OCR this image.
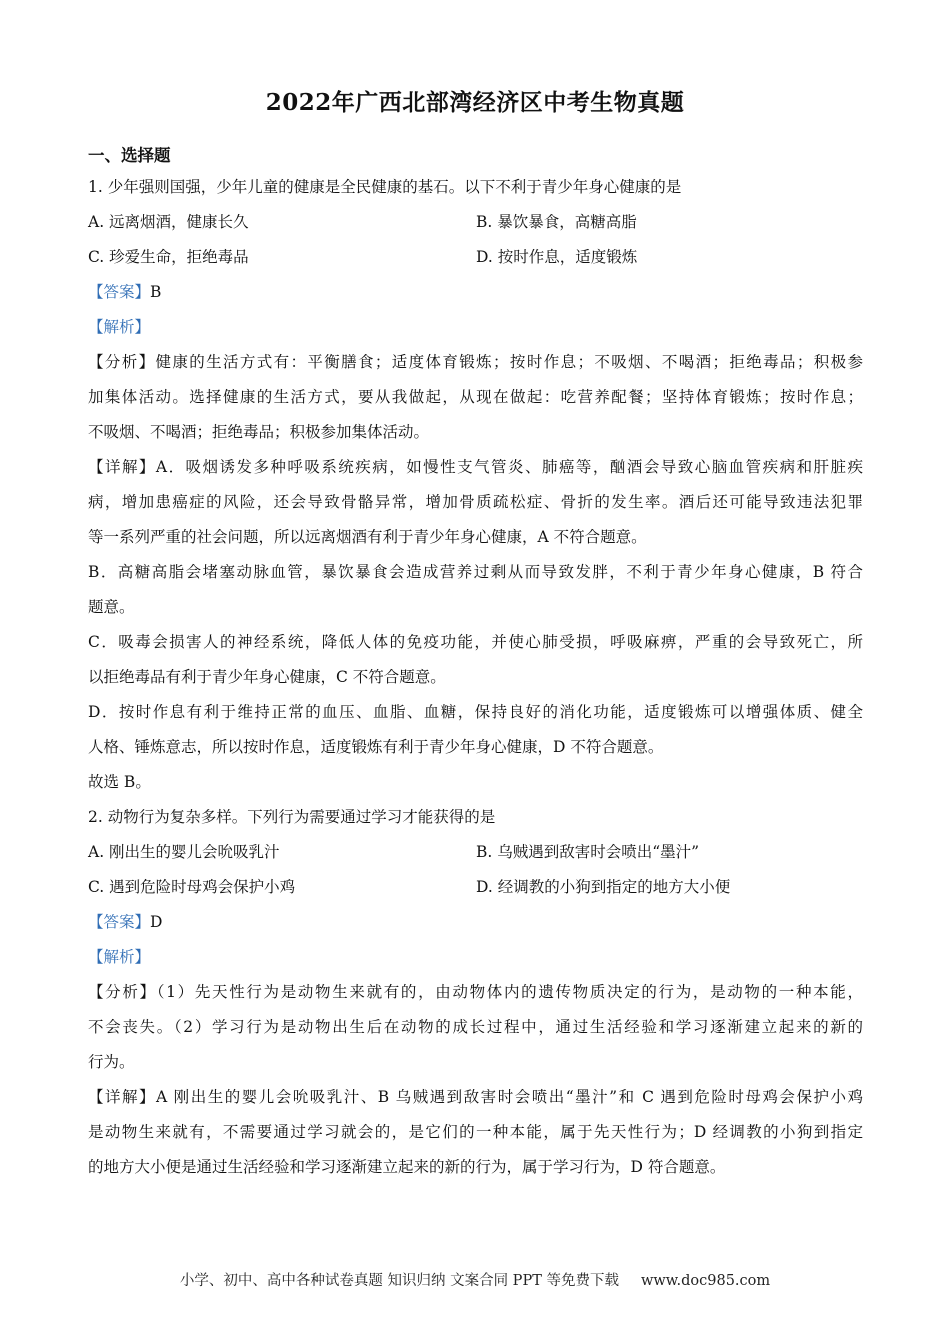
2022年广西北部湾经济区中考生物真题
一、选择题
1. 少年强则国强，少年儿童的健康是全民健康的基石。以下不利于青少年身心健康的是
A. 远离烟酒，健康长久	B. 暴饮暴食，高糖高脂
C. 珍爱生命，拒绝毒品	D. 按时作息，适度锻炼
【答案】B
【解析】
【分析】健康的生活方式有：平衡膳食；适度体育锻炼；按时作息；不吸烟、不喝酒；拒绝毒品；积极参
加集体活动。选择健康的生活方式，要从我做起，从现在做起：吃营养配餐；坚持体育锻炼；按时作息；
不吸烟、不喝酒；拒绝毒品；积极参加集体活动。
【详解】A．吸烟诱发多种呼吸系统疾病，如慢性支气管炎、肺癌等，酗酒会导致心脑血管疾病和肝脏疾
病，增加患癌症的风险，还会导致骨骼异常，增加骨质疏松症、骨折的发生率。酒后还可能导致违法犯罪
等一系列严重的社会问题，所以远离烟酒有利于青少年身心健康，A 不符合题意。
B．高糖高脂会堵塞动脉血管，暴饮暴食会造成营养过剩从而导致发胖，不利于青少年身心健康，B 符合
题意。
C．吸毒会损害人的神经系统，降低人体的免疫功能，并使心肺受损，呼吸麻痹，严重的会导致死亡，所
以拒绝毒品有利于青少年身心健康，C 不符合题意。
D．按时作息有利于维持正常的血压、血脂、血糖，保持良好的消化功能，适度锻炼可以增强体质、健全
人格、锤炼意志，所以按时作息，适度锻炼有利于青少年身心健康，D 不符合题意。
故选 B。
2. 动物行为复杂多样。下列行为需要通过学习才能获得的是
A. 刚出生的婴儿会吮吸乳汁	B. 乌贼遇到敌害时会喷出“墨汁”
C. 遇到危险时母鸡会保护小鸡	D. 经调教的小狗到指定的地方大小便
【答案】D
【解析】
【分析】（1）先天性行为是动物生来就有的，由动物体内的遗传物质决定的行为，是动物的一种本能，
不会丧失。（2）学习行为是动物出生后在动物的成长过程中，通过生活经验和学习逐渐建立起来的新的
行为。
【详解】A 刚出生的婴儿会吮吸乳汁、B 乌贼遇到敌害时会喷出“墨汁”和 C 遇到危险时母鸡会保护小鸡
是动物生来就有，不需要通过学习就会的，是它们的一种本能，属于先天性行为；D 经调教的小狗到指定
的地方大小便是通过生活经验和学习逐渐建立起来的新的行为，属于学习行为，D 符合题意。
小学、初中、高中各种试卷真题 知识归纳 文案合同 PPT 等免费下载 www.doc985.com
